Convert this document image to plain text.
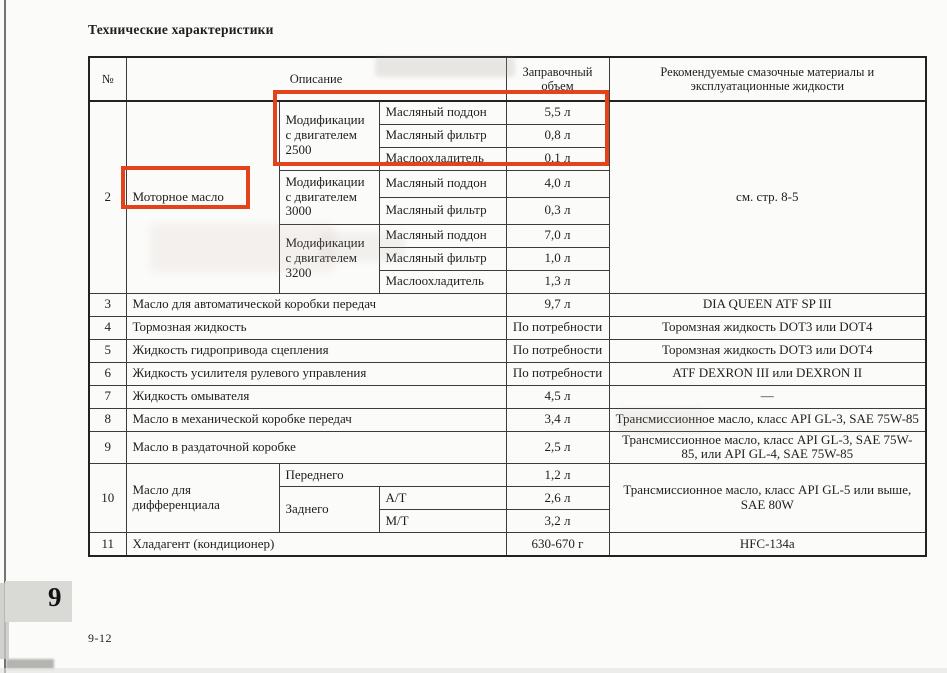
Технические характеристики
№	Описание			Заправочный объем	Рекомендуемые смазочные материалы и эксплуатационные жидкости
2	Моторное масло	Модификации с двигателем 2500	Масляный поддон	5,5 л	см. стр. 8-5
			Масляный фильтр	0,8 л	
			Маслоохладитель	0,1 л	
		Модификации с двигателем 3000	Масляный поддон	4,0 л	
			Масляный фильтр	0,3 л	
		Модификации с двигателем 3200	Масляный поддон	7,0 л	
			Масляный фильтр	1,0 л	
			Маслоохладитель	1,3 л	
3	Масло для автоматической коробки передач			9,7 л	DIA QUEEN ATF SP III
4	Тормозная жидкость			По потребности	Торомзная жидкость DOT3 или DOT4
5	Жидкость гидропривода сцепления			По потребности	Торомзная жидкость DOT3 или DOT4
6	Жидкость усилителя рулевого управления			По потребности	ATF DEXRON III или DEXRON II
7	Жидкость омывателя			4,5 л	—
8	Масло в механической коробке передач			3,4 л	Трансмиссионное масло, класс API GL-3, SAE 75W-85
9	Масло в раздаточной коробке			2,5 л	Трансмиссионное масло, класс API GL-3, SAE 75W-85, или API GL-4, SAE 75W-85
10	Масло для дифференциала	Переднего		1,2 л	Трансмиссионное масло, класс API GL-5 или выше, SAE 80W
		Заднего	А/Т	2,6 л	
			М/Т	3,2 л	
11	Хладагент (кондиционер)			630-670 г	HFC-134a
9
9-12
